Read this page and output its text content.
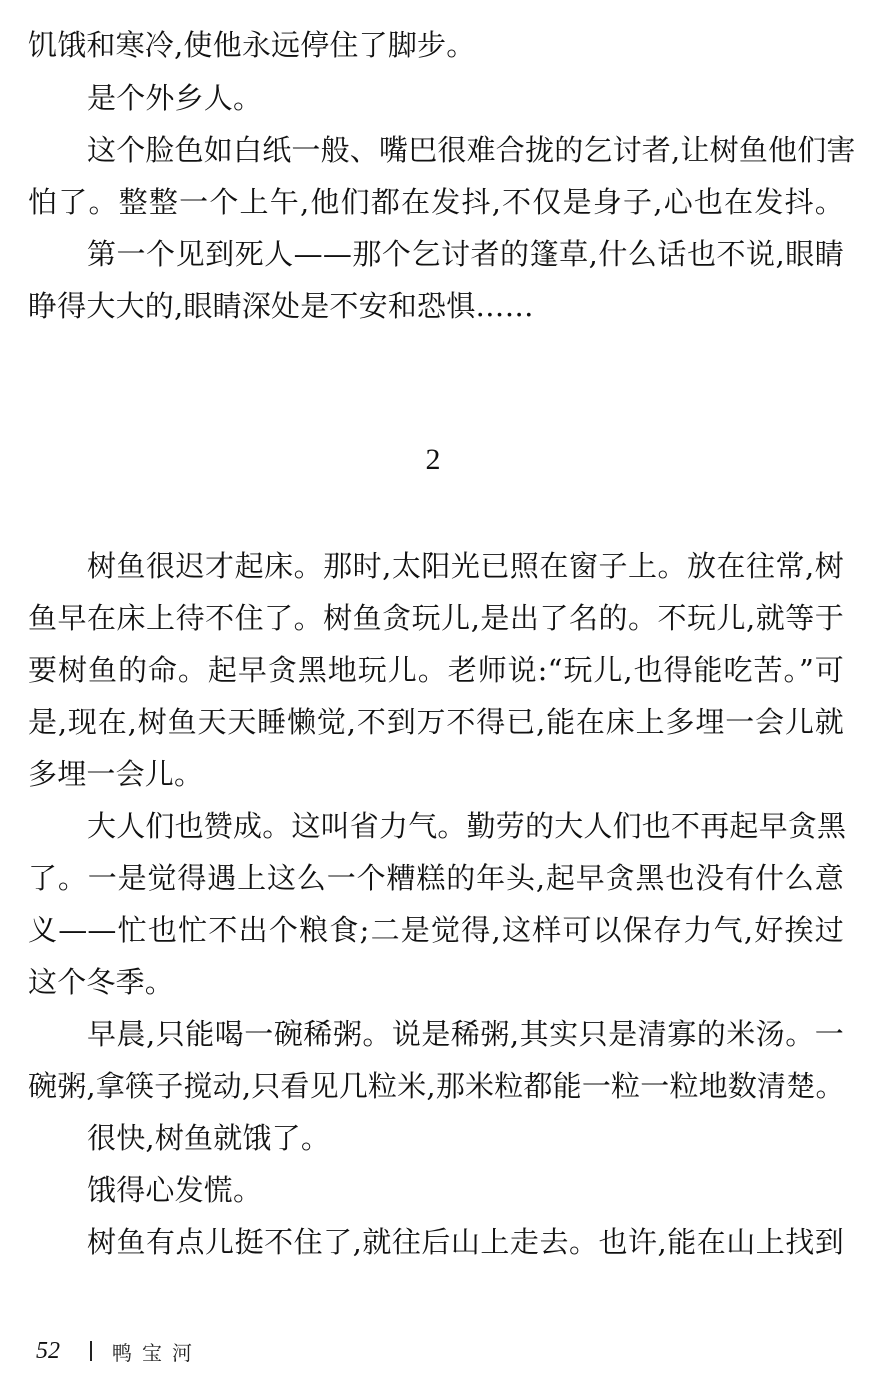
饥饿和寒冷,使他永远停住了脚步。
是个外乡人。
这个脸色如白纸一般、嘴巴很难合拢的乞讨者,让树鱼他们害
怕了。整整一个上午,他们都在发抖,不仅是身子,心也在发抖。
第一个见到死人——那个乞讨者的篷草,什么话也不说,眼睛
睁得大大的,眼睛深处是不安和恐惧……
2
树鱼很迟才起床。那时,太阳光已照在窗子上。放在往常,树
鱼早在床上待不住了。树鱼贪玩儿,是出了名的。不玩儿,就等于
要树鱼的命。起早贪黑地玩儿。老师说:“玩儿,也得能吃苦。”可
是,现在,树鱼天天睡懒觉,不到万不得已,能在床上多埋一会儿就
多埋一会儿。
大人们也赞成。这叫省力气。勤劳的大人们也不再起早贪黑
了。一是觉得遇上这么一个糟糕的年头,起早贪黑也没有什么意
义——忙也忙不出个粮食;二是觉得,这样可以保存力气,好挨过
这个冬季。
早晨,只能喝一碗稀粥。说是稀粥,其实只是清寡的米汤。一
碗粥,拿筷子搅动,只看见几粒米,那米粒都能一粒一粒地数清楚。
很快,树鱼就饿了。
饿得心发慌。
树鱼有点儿挺不住了,就往后山上走去。也许,能在山上找到
52	鸭宝河
